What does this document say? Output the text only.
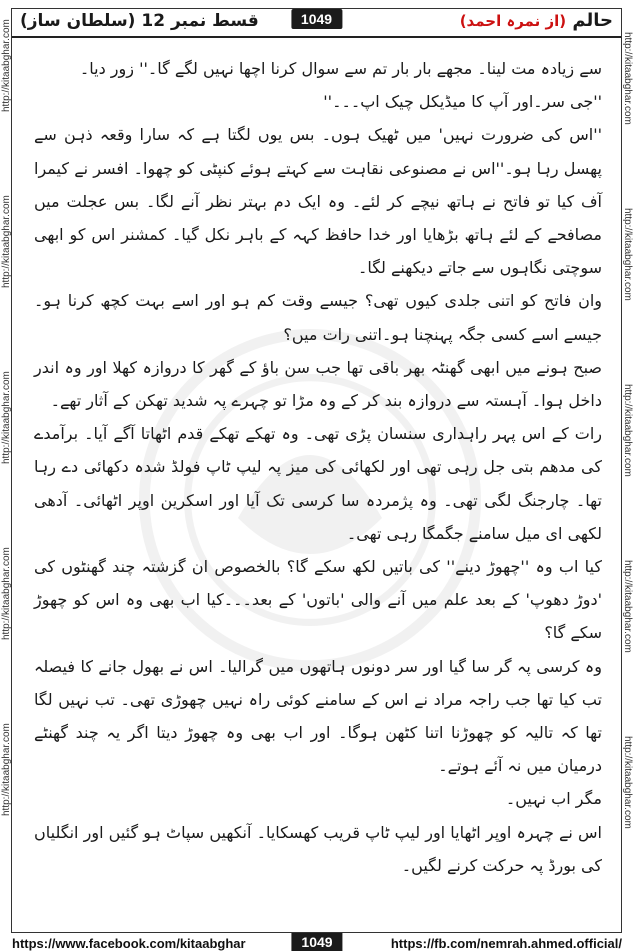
قسط نمبر 12 (سلطان ساز)	1049	حالم (از نمرہ احمد)
http://kitaabghar.com
http://kitaabghar.com
http://kitaabghar.com
http://kitaabghar.com
http://kitaabghar.com
http://kitaabghar.com
http://kitaabghar.com
http://kitaabghar.com
http://kitaabghar.com
http://kitaabghar.com

سے زیادہ مت لینا۔ مجھے بار بار تم سے سوال کرنا اچھا نہیں لگے گا۔'' زور دیا۔

''جی سر۔اور آپ کا میڈیکل چیک اپ۔۔۔''

''اس کی ضرورت نہیں' میں ٹھیک ہوں۔ بس یوں لگتا ہے کہ سارا وقعہ ذہن سے پھسل رہا ہو۔''اس نے مصنوعی نقاہت سے کہتے ہوئے کنپٹی کو چھوا۔ افسر نے کیمرا آف کیا تو فاتح نے ہاتھ نیچے کر لئے۔ وہ ایک دم بہتر نظر آنے لگا۔ بس عجلت میں مصافحے کے لئے ہاتھ بڑھایا اور خدا حافظ کہہ کے باہر نکل گیا۔ کمشنر اس کو ابھی سوچتی نگاہوں سے جاتے دیکھنے لگا۔

وان فاتح کو اتنی جلدی کیوں تھی؟ جیسے وقت کم ہو اور اسے بہت کچھ کرنا ہو۔ جیسے اسے کسی جگہ پہنچنا ہو۔اتنی رات میں؟

صبح ہونے میں ابھی گھنٹہ بھر باقی تھا جب سن باؤ کے گھر کا دروازہ کھلا اور وہ اندر داخل ہوا۔ آہستہ سے دروازہ بند کر کے وہ مڑا تو چہرے پہ شدید تھکن کے آثار تھے۔

رات کے اس پہر راہداری سنسان پڑی تھی۔ وہ تھکے تھکے قدم اٹھاتا آگے آیا۔ برآمدے کی مدھم بتی جل رہی تھی اور لکھائی کی میز پہ لیپ ٹاپ فولڈ شدہ دکھائی دے رہا تھا۔ چارجنگ لگی تھی۔ وہ پژمردہ سا کرسی تک آیا اور اسکرین اوپر اٹھائی۔ آدھی لکھی ای میل سامنے جگمگا رہی تھی۔

کیا اب وہ ''چھوڑ دینے'' کی باتیں لکھ سکے گا؟ بالخصوص ان گزشتہ چند گھنٹوں کی 'دوڑ دھوپ' کے بعد علم میں آنے والی 'باتوں' کے بعد۔۔۔کیا اب بھی وہ اس کو چھوڑ سکے گا؟

وہ کرسی پہ گر سا گیا اور سر دونوں ہاتھوں میں گرالیا۔ اس نے بھول جانے کا فیصلہ تب کیا تھا جب راجہ مراد نے اس کے سامنے کوئی راہ نہیں چھوڑی تھی۔ تب نہیں لگا تھا کہ تالیہ کو چھوڑنا اتنا کٹھن ہوگا۔ اور اب بھی وہ چھوڑ دیتا اگر یہ چند گھنٹے درمیان میں نہ آئے ہوتے۔

مگر اب نہیں۔

اس نے چہرہ اوپر اٹھایا اور لیپ ٹاپ قریب کھسکایا۔ آنکھیں سپاٹ ہو گئیں اور انگلیاں کی بورڈ پہ حرکت کرنے لگیں۔

https://www.facebook.com/kitaabghar	1049	https://fb.com/nemrah.ahmed.official/
